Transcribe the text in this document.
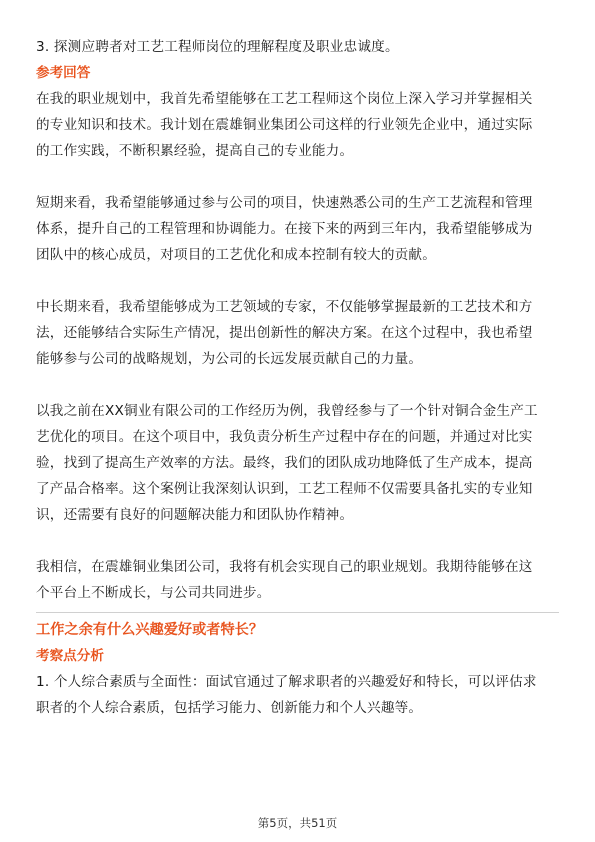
3. 探测应聘者对工艺工程师岗位的理解程度及职业忠诚度。
参考回答
在我的职业规划中，我首先希望能够在工艺工程师这个岗位上深入学习并掌握相关
的专业知识和技术。我计划在震雄铜业集团公司这样的行业领先企业中，通过实际
的工作实践，不断积累经验，提高自己的专业能力。
短期来看，我希望能够通过参与公司的项目，快速熟悉公司的生产工艺流程和管理
体系，提升自己的工程管理和协调能力。在接下来的两到三年内，我希望能够成为
团队中的核心成员，对项目的工艺优化和成本控制有较大的贡献。
中长期来看，我希望能够成为工艺领域的专家，不仅能够掌握最新的工艺技术和方
法，还能够结合实际生产情况，提出创新性的解决方案。在这个过程中，我也希望
能够参与公司的战略规划，为公司的长远发展贡献自己的力量。
以我之前在XX铜业有限公司的工作经历为例，我曾经参与了一个针对铜合金生产工
艺优化的项目。在这个项目中，我负责分析生产过程中存在的问题，并通过对比实
验，找到了提高生产效率的方法。最终，我们的团队成功地降低了生产成本，提高
了产品合格率。这个案例让我深刻认识到，工艺工程师不仅需要具备扎实的专业知
识，还需要有良好的问题解决能力和团队协作精神。
我相信，在震雄铜业集团公司，我将有机会实现自己的职业规划。我期待能够在这
个平台上不断成长，与公司共同进步。
工作之余有什么兴趣爱好或者特长？
考察点分析
1. 个人综合素质与全面性：面试官通过了解求职者的兴趣爱好和特长，可以评估求
职者的个人综合素质，包括学习能力、创新能力和个人兴趣等。
第5页，共51页
